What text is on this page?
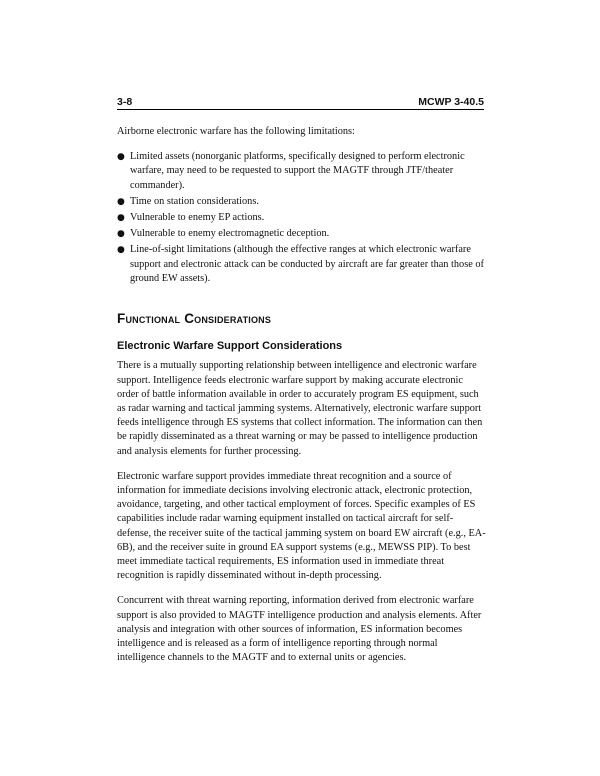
3-8	MCWP 3-40.5

Airborne electronic warfare has the following limitations:

● Limited assets (nonorganic platforms, specifically designed to perform electronic warfare, may need to be requested to support the MAGTF through JTF/theater commander).
● Time on station considerations.
● Vulnerable to enemy EP actions.
● Vulnerable to enemy electromagnetic deception.
● Line-of-sight limitations (although the effective ranges at which electronic warfare support and electronic attack can be conducted by aircraft are far greater than those of ground EW assets).
Functional Considerations
Electronic Warfare Support Considerations

There is a mutually supporting relationship between intelligence and electronic warfare support. Intelligence feeds electronic warfare support by making accurate electronic order of battle information available in order to accurately program ES equipment, such as radar warning and tactical jamming systems. Alternatively, electronic warfare support feeds intelligence through ES systems that collect information. The information can then be rapidly disseminated as a threat warning or may be passed to intelligence production and analysis elements for further processing.

Electronic warfare support provides immediate threat recognition and a source of information for immediate decisions involving electronic attack, electronic protection, avoidance, targeting, and other tactical employment of forces. Specific examples of ES capabilities include radar warning equipment installed on tactical aircraft for self-defense, the receiver suite of the tactical jamming system on board EW aircraft (e.g., EA-6B), and the receiver suite in ground EA support systems (e.g., MEWSS PIP). To best meet immediate tactical requirements, ES information used in immediate threat recognition is rapidly disseminated without in-depth processing.

Concurrent with threat warning reporting, information derived from electronic warfare support is also provided to MAGTF intelligence production and analysis elements. After analysis and integration with other sources of information, ES information becomes intelligence and is released as a form of intelligence reporting through normal intelligence channels to the MAGTF and to external units or agencies.
